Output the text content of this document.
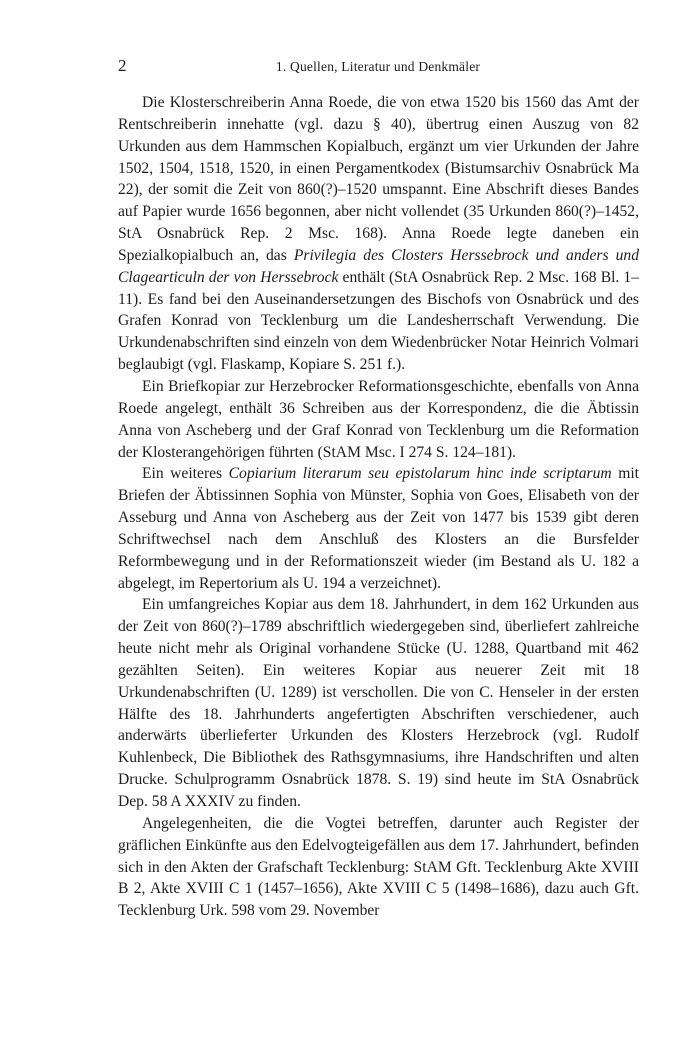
2	1. Quellen, Literatur und Denkmäler

Die Klosterschreiberin Anna Roede, die von etwa 1520 bis 1560 das Amt der Rentschreiberin innehatte (vgl. dazu § 40), übertrug einen Auszug von 82 Urkunden aus dem Hammschen Kopialbuch, ergänzt um vier Urkunden der Jahre 1502, 1504, 1518, 1520, in einen Pergamentkodex (Bistumsarchiv Osnabrück Ma 22), der somit die Zeit von 860(?)–1520 umspannt. Eine Abschrift dieses Bandes auf Papier wurde 1656 begonnen, aber nicht vollendet (35 Urkunden 860(?)–1452, StA Osnabrück Rep. 2 Msc. 168). Anna Roede legte daneben ein Spezialkopialbuch an, das Privilegia des Closters Herssebrock und anders und Clagearticuln der von Herssebrock enthält (StA Osnabrück Rep. 2 Msc. 168 Bl. 1–11). Es fand bei den Auseinandersetzungen des Bischofs von Osnabrück und des Grafen Konrad von Tecklenburg um die Landesherrschaft Verwendung. Die Urkundenabschriften sind einzeln von dem Wiedenbrücker Notar Heinrich Volmari beglaubigt (vgl. Flaskamp, Kopiare S. 251 f.).

Ein Briefkopiar zur Herzebrocker Reformationsgeschichte, ebenfalls von Anna Roede angelegt, enthält 36 Schreiben aus der Korrespondenz, die die Äbtissin Anna von Ascheberg und der Graf Konrad von Tecklenburg um die Reformation der Klosterangehörigen führten (StAM Msc. I 274 S. 124–181).

Ein weiteres Copiarium literarum seu epistolarum hinc inde scriptarum mit Briefen der Äbtissinnen Sophia von Münster, Sophia von Goes, Elisabeth von der Asseburg und Anna von Ascheberg aus der Zeit von 1477 bis 1539 gibt deren Schriftwechsel nach dem Anschluß des Klosters an die Bursfelder Reformbewegung und in der Reformationszeit wieder (im Bestand als U. 182 a abgelegt, im Repertorium als U. 194 a verzeichnet).

Ein umfangreiches Kopiar aus dem 18. Jahrhundert, in dem 162 Urkunden aus der Zeit von 860(?)–1789 abschriftlich wiedergegeben sind, überliefert zahlreiche heute nicht mehr als Original vorhandene Stücke (U. 1288, Quartband mit 462 gezählten Seiten). Ein weiteres Kopiar aus neuerer Zeit mit 18 Urkundenabschriften (U. 1289) ist verschollen. Die von C. Henseler in der ersten Hälfte des 18. Jahrhunderts angefertigten Abschriften verschiedener, auch anderwärts überlieferter Urkunden des Klosters Herzebrock (vgl. Rudolf Kuhlenbeck, Die Bibliothek des Rathsgymnasiums, ihre Handschriften und alten Drucke. Schulprogramm Osnabrück 1878. S. 19) sind heute im StA Osnabrück Dep. 58 A XXXIV zu finden.

Angelegenheiten, die die Vogtei betreffen, darunter auch Register der gräflichen Einkünfte aus den Edelvogteigefällen aus dem 17. Jahrhundert, befinden sich in den Akten der Grafschaft Tecklenburg: StAM Gft. Tecklenburg Akte XVIII B 2, Akte XVIII C 1 (1457–1656), Akte XVIII C 5 (1498–1686), dazu auch Gft. Tecklenburg Urk. 598 vom 29. November
